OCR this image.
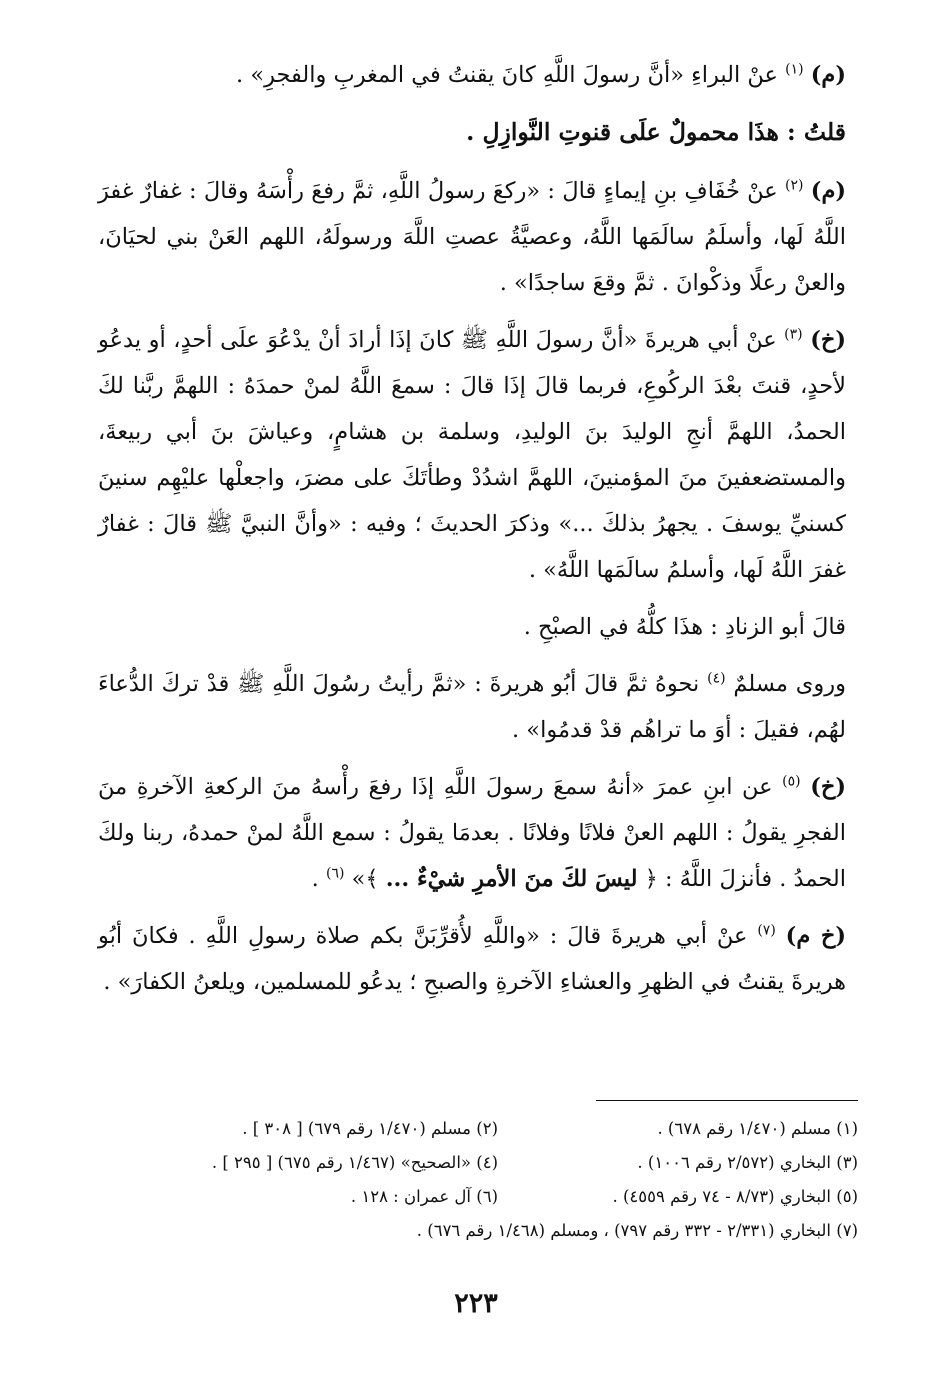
(م) $^{(١)}$ عنْ البراءِ «أنَّ رسولَ اللَّهِ كانَ يقنتُ في المغربِ والفجرِ» .

قلتُ : هذَا محمولٌ علَى قنوتِ النَّوازِلِ .

(م) $^{(٢)}$ عنْ خُفَافِ بنِ إيماءٍ قالَ : «ركعَ رسولُ اللَّهِ، ثمَّ رفعَ رأْسَهُ وقالَ : غفارٌ غفرَ اللَّهُ لَها، وأسلَمُ سالَمَها اللَّهُ، وعصيَّةُ عصتِ اللَّهَ ورسولَهُ، اللهم العَنْ بني لحيَانَ، والعنْ رعلًا وذكْوانَ . ثمَّ وقعَ ساجدًا» .

(خ) $^{(٣)}$ عنْ أبي هريرةَ «أنَّ رسولَ اللَّهِ ﷺ كانَ إذَا أرادَ أنْ يدْعُوَ علَى أحدٍ، أو يدعُو لأحدٍ، قنتَ بعْدَ الركُوعِ، فربما قالَ إذَا قالَ : سمعَ اللَّهُ لمنْ حمدَهُ : اللهمَّ ربَّنا لكَ الحمدُ، اللهمَّ أنجِ الوليدَ بنَ الوليدِ، وسلمة بن هشامٍ، وعياشَ بنَ أبي ربيعةَ، والمستضعفينَ منَ المؤمنينَ، اللهمَّ اشدُدْ وطأتَكَ على مضرَ، واجعلْها عليْهِم سنينَ كسنيِّ يوسفَ . يجهرُ بذلكَ ...» وذكرَ الحديثَ ؛ وفيه : «وأنَّ النبيَّ ﷺ قالَ : غفارٌ غفرَ اللَّهُ لَها، وأسلمُ سالَمَها اللَّهُ» .

قالَ أبو الزنادِ : هذَا كلُّهُ في الصبْحِ .

وروى مسلمٌ $^{(٤)}$ نحوهُ ثمَّ قالَ أبُو هريرةَ : «ثمَّ رأيتُ رسُولَ اللَّهِ ﷺ قدْ تركَ الدُّعاءَ لهُم، فقيلَ : أوَ ما تراهُم قدْ قدمُوا» .

(خ) $^{(٥)}$ عن ابنِ عمرَ «أنهُ سمعَ رسولَ اللَّهِ إذَا رفعَ رأْسهُ منَ الركعةِ الآخرةِ منَ الفجرِ يقولُ : اللهم العنْ فلانًا وفلانًا . بعدمَا يقولُ : سمع اللَّهُ لمنْ حمدهُ، ربنا ولكَ الحمدُ . فأنزلَ اللَّهُ : ﴿ ليسَ لكَ منَ الأمرِ شيْءٌ ... ﴾» $^{(٦)}$ .

(خ م) $^{(٧)}$ عنْ أبي هريرةَ قالَ : «واللَّهِ لأُقرِّبَنَّ بكم صلاة رسولِ اللَّهِ . فكانَ أبُو هريرةَ يقنتُ في الظهرِ والعشاءِ الآخرةِ والصبحِ ؛ يدعُو للمسلمين، ويلعنُ الكفارَ» .

(١) مسلم (١/٤٧٠ رقم ٦٧٨) .
(٢) مسلم (١/٤٧٠ رقم ٦٧٩) [ ٣٠٨ ] .
(٣) البخاري (٢/٥٧٢ رقم ١٠٠٦) .
(٤) «الصحيح» (١/٤٦٧ رقم ٦٧٥) [ ٢٩٥ ] .
(٥) البخاري (٨/٧٣ - ٧٤ رقم ٤٥٥٩) .
(٦) آل عمران : ١٢٨ .
(٧) البخاري (٢/٣٣١ - ٣٣٢ رقم ٧٩٧) ، ومسلم (١/٤٦٨ رقم ٦٧٦) .
٢٢٣
